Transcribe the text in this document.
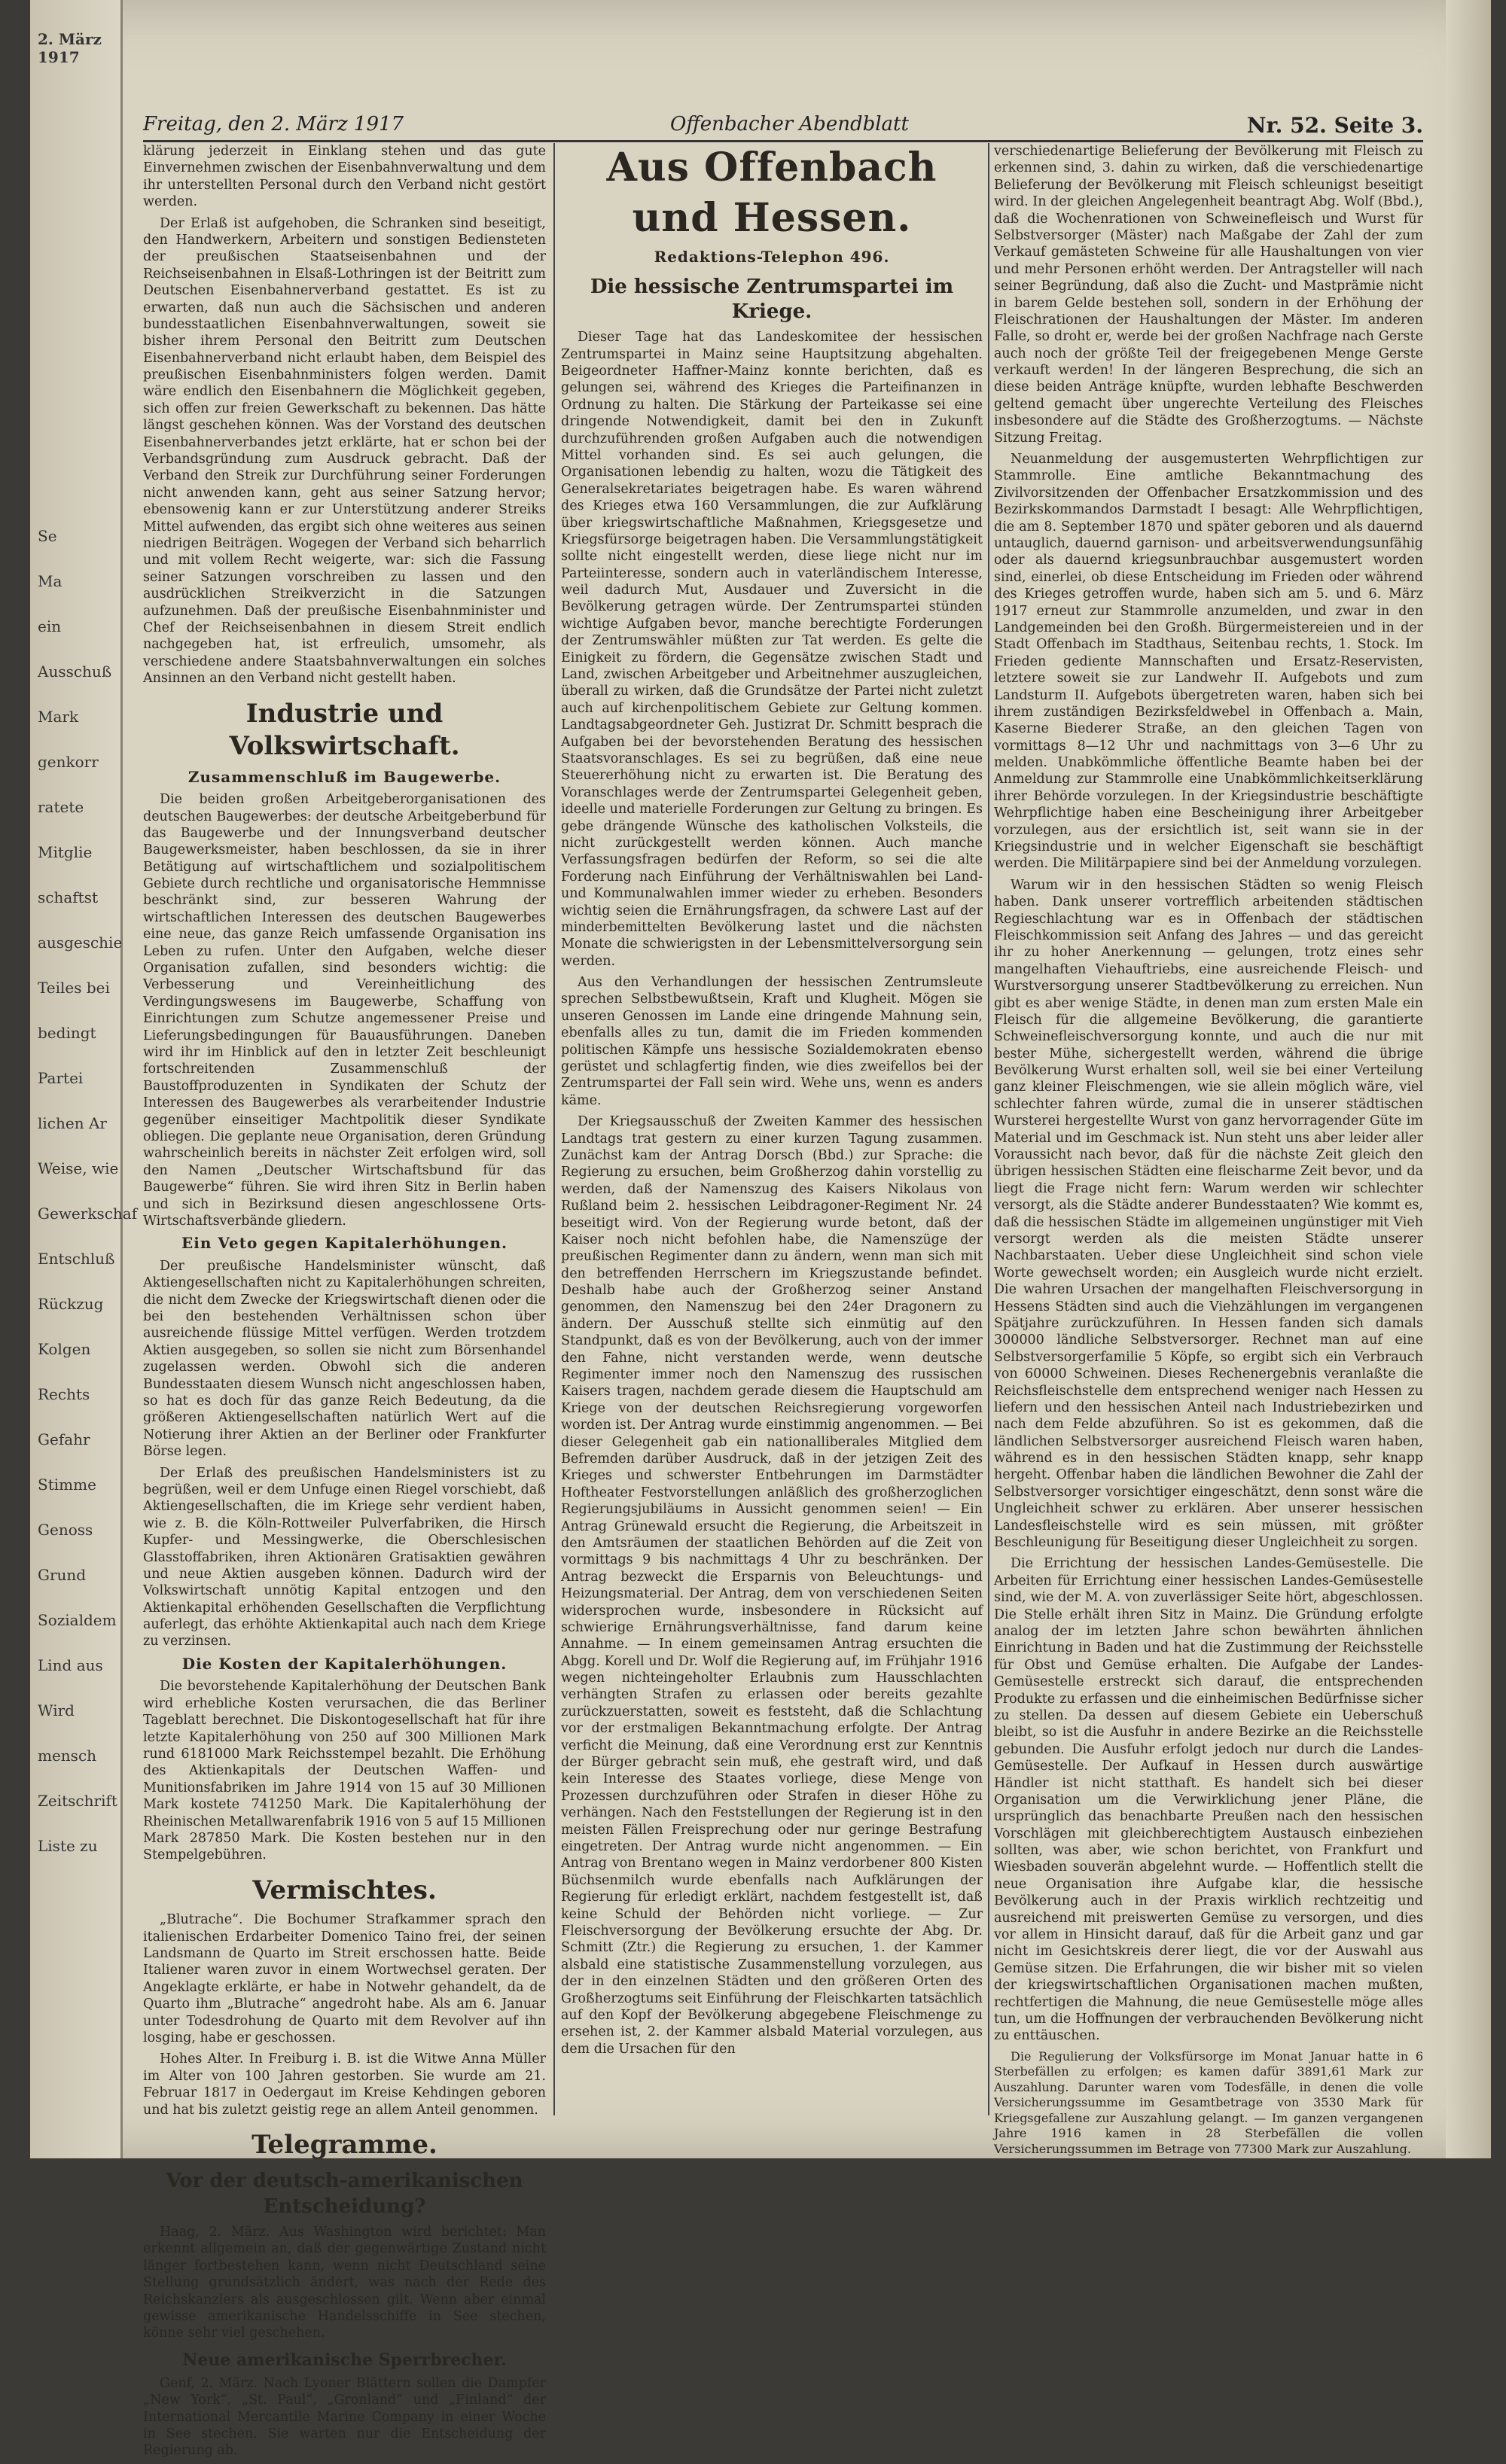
2. März 1917
Se
Ma
ein
Ausschuß
Mark
genkorr
ratete
Mitglie
schaftst
ausgeschie
Teiles bei
bedingt
Partei
lichen Ar
Weise, wie
Gewerkschaf
Entschluß
Rückzug
Kolgen
Rechts
Gefahr
Stimme
Genoss
Grund
Sozialdem
Lind aus
Wird
mensch
Zeitschrift
Liste zu
Freitag, den 2. März 1917	Offenbacher Abendblatt	Nr. 52. Seite 3.

klärung jederzeit in Einklang stehen und das gute Einvernehmen zwischen der Eisenbahnverwaltung und dem ihr unterstellten Personal durch den Verband nicht gestört werden.

Der Erlaß ist aufgehoben, die Schranken sind beseitigt, den Handwerkern, Arbeitern und sonstigen Bediensteten der preußischen Staatseisenbahnen und der Reichseisenbahnen in Elsaß-Lothringen ist der Beitritt zum Deutschen Eisenbahnerverband gestattet. Es ist zu erwarten, daß nun auch die Sächsischen und anderen bundesstaatlichen Eisenbahnverwaltungen, soweit sie bisher ihrem Personal den Beitritt zum Deutschen Eisenbahnerverband nicht erlaubt haben, dem Beispiel des preußischen Eisenbahnministers folgen werden. Damit wäre endlich den Eisenbahnern die Möglichkeit gegeben, sich offen zur freien Gewerkschaft zu bekennen. Das hätte längst geschehen können. Was der Vorstand des deutschen Eisenbahnerverbandes jetzt erklärte, hat er schon bei der Verbandsgründung zum Ausdruck gebracht. Daß der Verband den Streik zur Durchführung seiner Forderungen nicht anwenden kann, geht aus seiner Satzung hervor; ebensowenig kann er zur Unterstützung anderer Streiks Mittel aufwenden, das ergibt sich ohne weiteres aus seinen niedrigen Beiträgen. Wogegen der Verband sich beharrlich und mit vollem Recht weigerte, war: sich die Fassung seiner Satzungen vorschreiben zu lassen und den ausdrücklichen Streikverzicht in die Satzungen aufzunehmen. Daß der preußische Eisenbahnminister und Chef der Reichseisenbahnen in diesem Streit endlich nachgegeben hat, ist erfreulich, umsomehr, als verschiedene andere Staatsbahnverwaltungen ein solches Ansinnen an den Verband nicht gestellt haben.

Industrie und Volkswirtschaft.
Zusammenschluß im Baugewerbe.

Die beiden großen Arbeitgeberorganisationen des deutschen Baugewerbes: der deutsche Arbeitgeberbund für das Baugewerbe und der Innungsverband deutscher Baugewerksmeister, haben beschlossen, da sie in ihrer Betätigung auf wirtschaftlichem und sozialpolitischem Gebiete durch rechtliche und organisatorische Hemmnisse beschränkt sind, zur besseren Wahrung der wirtschaftlichen Interessen des deutschen Baugewerbes eine neue, das ganze Reich umfassende Organisation ins Leben zu rufen. Unter den Aufgaben, welche dieser Organisation zufallen, sind besonders wichtig: die Verbesserung und Vereinheitlichung des Verdingungswesens im Baugewerbe, Schaffung von Einrichtungen zum Schutze angemessener Preise und Lieferungsbedingungen für Bauausführungen. Daneben wird ihr im Hinblick auf den in letzter Zeit beschleunigt fortschreitenden Zusammenschluß der Baustoffproduzenten in Syndikaten der Schutz der Interessen des Baugewerbes als verarbeitender Industrie gegenüber einseitiger Machtpolitik dieser Syndikate obliegen. Die geplante neue Organisation, deren Gründung wahrscheinlich bereits in nächster Zeit erfolgen wird, soll den Namen „Deutscher Wirtschaftsbund für das Baugewerbe“ führen. Sie wird ihren Sitz in Berlin haben und sich in Bezirksund diesen angeschlossene Orts-Wirtschaftsverbände gliedern.

Ein Veto gegen Kapitalerhöhungen.

Der preußische Handelsminister wünscht, daß Aktiengesellschaften nicht zu Kapitalerhöhungen schreiten, die nicht dem Zwecke der Kriegswirtschaft dienen oder die bei den bestehenden Verhältnissen schon über ausreichende flüssige Mittel verfügen. Werden trotzdem Aktien ausgegeben, so sollen sie nicht zum Börsenhandel zugelassen werden. Obwohl sich die anderen Bundesstaaten diesem Wunsch nicht angeschlossen haben, so hat es doch für das ganze Reich Bedeutung, da die größeren Aktiengesellschaften natürlich Wert auf die Notierung ihrer Aktien an der Berliner oder Frankfurter Börse legen.

Der Erlaß des preußischen Handelsministers ist zu begrüßen, weil er dem Unfuge einen Riegel vorschiebt, daß Aktiengesellschaften, die im Kriege sehr verdient haben, wie z. B. die Köln-Rottweiler Pulverfabriken, die Hirsch Kupfer- und Messingwerke, die Oberschlesischen Glasstoffabriken, ihren Aktionären Gratisaktien gewähren und neue Aktien ausgeben können. Dadurch wird der Volkswirtschaft unnötig Kapital entzogen und den Aktienkapital erhöhenden Gesellschaften die Verpflichtung auferlegt, das erhöhte Aktienkapital auch nach dem Kriege zu verzinsen.

Die Kosten der Kapitalerhöhungen.

Die bevorstehende Kapitalerhöhung der Deutschen Bank wird erhebliche Kosten verursachen, die das Berliner Tageblatt berechnet. Die Diskontogesellschaft hat für ihre letzte Kapitalerhöhung von 250 auf 300 Millionen Mark rund 6181000 Mark Reichsstempel bezahlt. Die Erhöhung des Aktienkapitals der Deutschen Waffen- und Munitionsfabriken im Jahre 1914 von 15 auf 30 Millionen Mark kostete 741250 Mark. Die Kapitalerhöhung der Rheinischen Metallwarenfabrik 1916 von 5 auf 15 Millionen Mark 287850 Mark. Die Kosten bestehen nur in den Stempelgebühren.

Vermischtes.

„Blutrache“. Die Bochumer Strafkammer sprach den italienischen Erdarbeiter Domenico Taino frei, der seinen Landsmann de Quarto im Streit erschossen hatte. Beide Italiener waren zuvor in einem Wortwechsel geraten. Der Angeklagte erklärte, er habe in Notwehr gehandelt, da de Quarto ihm „Blutrache“ angedroht habe. Als am 6. Januar unter Todesdrohung de Quarto mit dem Revolver auf ihn losging, habe er geschossen.

Hohes Alter. In Freiburg i. B. ist die Witwe Anna Müller im Alter von 100 Jahren gestorben. Sie wurde am 21. Februar 1817 in Oedergaut im Kreise Kehdingen geboren und hat bis zuletzt geistig rege an allem Anteil genommen.

Telegramme.
Vor der deutsch-amerikanischen Entscheidung?

Haag, 2. März. Aus Washington wird berichtet: Man erkennt allgemein an, daß der gegenwärtige Zustand nicht länger fortbestehen kann, wenn nicht Deutschland seine Stellung grundsätzlich ändert, was nach der Rede des Reichskanzlers als ausgeschlossen gilt. Wenn aber einmal gewisse amerikanische Handelsschiffe in See stechen, könne sehr viel geschehen.

Neue amerikanische Sperrbrecher.

Genf, 2. März. Nach Lyoner Blättern sollen die Dampfer „New York“, „St. Paul“, „Gronland“ und „Finland“ der International Mercantile Marine Company in einer Woche in See stechen. Sie warten nur die Entscheidung der Regierung ab.

Aus Offenbach und Hessen.
Redaktions-Telephon 496.
Die hessische Zentrumspartei im Kriege.

Dieser Tage hat das Landeskomitee der hessischen Zentrumspartei in Mainz seine Hauptsitzung abgehalten. Beigeordneter Haffner-Mainz konnte berichten, daß es gelungen sei, während des Krieges die Parteifinanzen in Ordnung zu halten. Die Stärkung der Parteikasse sei eine dringende Notwendigkeit, damit bei den in Zukunft durchzuführenden großen Aufgaben auch die notwendigen Mittel vorhanden sind. Es sei auch gelungen, die Organisationen lebendig zu halten, wozu die Tätigkeit des Generalsekretariates beigetragen habe. Es waren während des Krieges etwa 160 Versammlungen, die zur Aufklärung über kriegswirtschaftliche Maßnahmen, Kriegsgesetze und Kriegsfürsorge beigetragen haben. Die Versammlungstätigkeit sollte nicht eingestellt werden, diese liege nicht nur im Parteiinteresse, sondern auch in vaterländischem Interesse, weil dadurch Mut, Ausdauer und Zuversicht in die Bevölkerung getragen würde. Der Zentrumspartei stünden wichtige Aufgaben bevor, manche berechtigte Forderungen der Zentrumswähler müßten zur Tat werden. Es gelte die Einigkeit zu fördern, die Gegensätze zwischen Stadt und Land, zwischen Arbeitgeber und Arbeitnehmer auszugleichen, überall zu wirken, daß die Grundsätze der Partei nicht zuletzt auch auf kirchenpolitischem Gebiete zur Geltung kommen. Landtagsabgeordneter Geh. Justizrat Dr. Schmitt besprach die Aufgaben bei der bevorstehenden Beratung des hessischen Staatsvoranschlages. Es sei zu begrüßen, daß eine neue Steuererhöhung nicht zu erwarten ist. Die Beratung des Voranschlages werde der Zentrumspartei Gelegenheit geben, ideelle und materielle Forderungen zur Geltung zu bringen. Es gebe drängende Wünsche des katholischen Volksteils, die nicht zurückgestellt werden können. Auch manche Verfassungsfragen bedürfen der Reform, so sei die alte Forderung nach Einführung der Verhältniswahlen bei Land- und Kommunalwahlen immer wieder zu erheben. Besonders wichtig seien die Ernährungsfragen, da schwere Last auf der minderbemittelten Bevölkerung lastet und die nächsten Monate die schwierigsten in der Lebensmittelversorgung sein werden.

Aus den Verhandlungen der hessischen Zentrumsleute sprechen Selbstbewußtsein, Kraft und Klugheit. Mögen sie unseren Genossen im Lande eine dringende Mahnung sein, ebenfalls alles zu tun, damit die im Frieden kommenden politischen Kämpfe uns hessische Sozialdemokraten ebenso gerüstet und schlagfertig finden, wie dies zweifellos bei der Zentrumspartei der Fall sein wird. Wehe uns, wenn es anders käme.

Der Kriegsausschuß der Zweiten Kammer des hessischen Landtags trat gestern zu einer kurzen Tagung zusammen. Zunächst kam der Antrag Dorsch (Bbd.) zur Sprache: die Regierung zu ersuchen, beim Großherzog dahin vorstellig zu werden, daß der Namenszug des Kaisers Nikolaus von Rußland beim 2. hessischen Leibdragoner-Regiment Nr. 24 beseitigt wird. Von der Regierung wurde betont, daß der Kaiser noch nicht befohlen habe, die Namenszüge der preußischen Regimenter dann zu ändern, wenn man sich mit den betreffenden Herrschern im Kriegszustande befindet. Deshalb habe auch der Großherzog seiner Anstand genommen, den Namenszug bei den 24er Dragonern zu ändern. Der Ausschuß stellte sich einmütig auf den Standpunkt, daß es von der Bevölkerung, auch von der immer den Fahne, nicht verstanden werde, wenn deutsche Regimenter immer noch den Namenszug des russischen Kaisers tragen, nachdem gerade diesem die Hauptschuld am Kriege von der deutschen Reichsregierung vorgeworfen worden ist. Der Antrag wurde einstimmig angenommen. — Bei dieser Gelegenheit gab ein nationalliberales Mitglied dem Befremden darüber Ausdruck, daß in der jetzigen Zeit des Krieges und schwerster Entbehrungen im Darmstädter Hoftheater Festvorstellungen anläßlich des großherzoglichen Regierungsjubiläums in Aussicht genommen seien! — Ein Antrag Grünewald ersucht die Regierung, die Arbeitszeit in den Amtsräumen der staatlichen Behörden auf die Zeit von vormittags 9 bis nachmittags 4 Uhr zu beschränken. Der Antrag bezweckt die Ersparnis von Beleuchtungs- und Heizungsmaterial. Der Antrag, dem von verschiedenen Seiten widersprochen wurde, insbesondere in Rücksicht auf schwierige Ernährungsverhältnisse, fand darum keine Annahme. — In einem gemeinsamen Antrag ersuchten die Abgg. Korell und Dr. Wolf die Regierung auf, im Frühjahr 1916 wegen nichteingeholter Erlaubnis zum Hausschlachten verhängten Strafen zu erlassen oder bereits gezahlte zurückzuerstatten, soweit es feststeht, daß die Schlachtung vor der erstmaligen Bekanntmachung erfolgte. Der Antrag verficht die Meinung, daß eine Verordnung erst zur Kenntnis der Bürger gebracht sein muß, ehe gestraft wird, und daß kein Interesse des Staates vorliege, diese Menge von Prozessen durchzuführen oder Strafen in dieser Höhe zu verhängen. Nach den Feststellungen der Regierung ist in den meisten Fällen Freisprechung oder nur geringe Bestrafung eingetreten. Der Antrag wurde nicht angenommen. — Ein Antrag von Brentano wegen in Mainz verdorbener 800 Kisten Büchsenmilch wurde ebenfalls nach Aufklärungen der Regierung für erledigt erklärt, nachdem festgestellt ist, daß keine Schuld der Behörden nicht vorliege. — Zur Fleischversorgung der Bevölkerung ersuchte der Abg. Dr. Schmitt (Ztr.) die Regierung zu ersuchen, 1. der Kammer alsbald eine statistische Zusammenstellung vorzulegen, aus der in den einzelnen Städten und den größeren Orten des Großherzogtums seit Einführung der Fleischkarten tatsächlich auf den Kopf der Bevölkerung abgegebene Fleischmenge zu ersehen ist, 2. der Kammer alsbald Material vorzulegen, aus dem die Ursachen für den

verschiedenartige Belieferung der Bevölkerung mit Fleisch zu erkennen sind, 3. dahin zu wirken, daß die verschiedenartige Belieferung der Bevölkerung mit Fleisch schleunigst beseitigt wird. In der gleichen Angelegenheit beantragt Abg. Wolf (Bbd.), daß die Wochenrationen von Schweinefleisch und Wurst für Selbstversorger (Mäster) nach Maßgabe der Zahl der zum Verkauf gemästeten Schweine für alle Haushaltungen von vier und mehr Personen erhöht werden. Der Antragsteller will nach seiner Begründung, daß also die Zucht- und Mastprämie nicht in barem Gelde bestehen soll, sondern in der Erhöhung der Fleischrationen der Haushaltungen der Mäster. Im anderen Falle, so droht er, werde bei der großen Nachfrage nach Gerste auch noch der größte Teil der freigegebenen Menge Gerste verkauft werden! In der längeren Besprechung, die sich an diese beiden Anträge knüpfte, wurden lebhafte Beschwerden geltend gemacht über ungerechte Verteilung des Fleisches insbesondere auf die Städte des Großherzogtums. — Nächste Sitzung Freitag.

Neuanmeldung der ausgemusterten Wehrpflichtigen zur Stammrolle. Eine amtliche Bekanntmachung des Zivilvorsitzenden der Offenbacher Ersatzkommission und des Bezirkskommandos Darmstadt I besagt: Alle Wehrpflichtigen, die am 8. September 1870 und später geboren und als dauernd untauglich, dauernd garnison- und arbeitsverwendungsunfähig oder als dauernd kriegsunbrauchbar ausgemustert worden sind, einerlei, ob diese Entscheidung im Frieden oder während des Krieges getroffen wurde, haben sich am 5. und 6. März 1917 erneut zur Stammrolle anzumelden, und zwar in den Landgemeinden bei den Großh. Bürgermeistereien und in der Stadt Offenbach im Stadthaus, Seitenbau rechts, 1. Stock. Im Frieden gediente Mannschaften und Ersatz-Reservisten, letztere soweit sie zur Landwehr II. Aufgebots und zum Landsturm II. Aufgebots übergetreten waren, haben sich bei ihrem zuständigen Bezirksfeldwebel in Offenbach a. Main, Kaserne Biederer Straße, an den gleichen Tagen von vormittags 8—12 Uhr und nachmittags von 3—6 Uhr zu melden. Unabkömmliche öffentliche Beamte haben bei der Anmeldung zur Stammrolle eine Unabkömmlichkeitserklärung ihrer Behörde vorzulegen. In der Kriegsindustrie beschäftigte Wehrpflichtige haben eine Bescheinigung ihrer Arbeitgeber vorzulegen, aus der ersichtlich ist, seit wann sie in der Kriegsindustrie und in welcher Eigenschaft sie beschäftigt werden. Die Militärpapiere sind bei der Anmeldung vorzulegen.

Warum wir in den hessischen Städten so wenig Fleisch haben. Dank unserer vortrefflich arbeitenden städtischen Regieschlachtung war es in Offenbach der städtischen Fleischkommission seit Anfang des Jahres — und das gereicht ihr zu hoher Anerkennung — gelungen, trotz eines sehr mangelhaften Viehauftriebs, eine ausreichende Fleisch- und Wurstversorgung unserer Stadtbevölkerung zu erreichen. Nun gibt es aber wenige Städte, in denen man zum ersten Male ein Fleisch für die allgemeine Bevölkerung, die garantierte Schweinefleischversorgung konnte, und auch die nur mit bester Mühe, sichergestellt werden, während die übrige Bevölkerung Wurst erhalten soll, weil sie bei einer Verteilung ganz kleiner Fleischmengen, wie sie allein möglich wäre, viel schlechter fahren würde, zumal die in unserer städtischen Wursterei hergestellte Wurst von ganz hervorragender Güte im Material und im Geschmack ist. Nun steht uns aber leider aller Voraussicht nach bevor, daß für die nächste Zeit gleich den übrigen hessischen Städten eine fleischarme Zeit bevor, und da liegt die Frage nicht fern: Warum werden wir schlechter versorgt, als die Städte anderer Bundesstaaten? Wie kommt es, daß die hessischen Städte im allgemeinen ungünstiger mit Vieh versorgt werden als die meisten Städte unserer Nachbarstaaten. Ueber diese Ungleichheit sind schon viele Worte gewechselt worden; ein Ausgleich wurde nicht erzielt. Die wahren Ursachen der mangelhaften Fleischversorgung in Hessens Städten sind auch die Viehzählungen im vergangenen Spätjahre zurückzuführen. In Hessen fanden sich damals 300000 ländliche Selbstversorger. Rechnet man auf eine Selbstversorgerfamilie 5 Köpfe, so ergibt sich ein Verbrauch von 60000 Schweinen. Dieses Rechenergebnis veranlaßte die Reichsfleischstelle dem entsprechend weniger nach Hessen zu liefern und den hessischen Anteil nach Industriebezirken und nach dem Felde abzuführen. So ist es gekommen, daß die ländlichen Selbstversorger ausreichend Fleisch waren haben, während es in den hessischen Städten knapp, sehr knapp hergeht. Offenbar haben die ländlichen Bewohner die Zahl der Selbstversorger vorsichtiger eingeschätzt, denn sonst wäre die Ungleichheit schwer zu erklären. Aber unserer hessischen Landesfleischstelle wird es sein müssen, mit größter Beschleunigung für Beseitigung dieser Ungleichheit zu sorgen.

Die Errichtung der hessischen Landes-Gemüsestelle. Die Arbeiten für Errichtung einer hessischen Landes-Gemüsestelle sind, wie der M. A. von zuverlässiger Seite hört, abgeschlossen. Die Stelle erhält ihren Sitz in Mainz. Die Gründung erfolgte analog der im letzten Jahre schon bewährten ähnlichen Einrichtung in Baden und hat die Zustimmung der Reichsstelle für Obst und Gemüse erhalten. Die Aufgabe der Landes-Gemüsestelle erstreckt sich darauf, die entsprechenden Produkte zu erfassen und die einheimischen Bedürfnisse sicher zu stellen. Da dessen auf diesem Gebiete ein Ueberschuß bleibt, so ist die Ausfuhr in andere Bezirke an die Reichsstelle gebunden. Die Ausfuhr erfolgt jedoch nur durch die Landes-Gemüsestelle. Der Aufkauf in Hessen durch auswärtige Händler ist nicht statthaft. Es handelt sich bei dieser Organisation um die Verwirklichung jener Pläne, die ursprünglich das benachbarte Preußen nach den hessischen Vorschlägen mit gleichberechtigtem Austausch einbeziehen sollten, was aber, wie schon berichtet, von Frankfurt und Wiesbaden souverän abgelehnt wurde. — Hoffentlich stellt die neue Organisation ihre Aufgabe klar, die hessische Bevölkerung auch in der Praxis wirklich rechtzeitig und ausreichend mit preiswerten Gemüse zu versorgen, und dies vor allem in Hinsicht darauf, daß für die Arbeit ganz und gar nicht im Gesichtskreis derer liegt, die vor der Auswahl aus Gemüse sitzen. Die Erfahrungen, die wir bisher mit so vielen der kriegswirtschaftlichen Organisationen machen mußten, rechtfertigen die Mahnung, die neue Gemüsestelle möge alles tun, um die Hoffnungen der verbrauchenden Bevölkerung nicht zu enttäuschen.

Die Regulierung der Volksfürsorge im Monat Januar hatte in 6 Sterbefällen zu erfolgen; es kamen dafür 3891,61 Mark zur Auszahlung. Darunter waren vom Todesfälle, in denen die volle Versicherungssumme im Gesamtbetrage von 3530 Mark für Kriegsgefallene zur Auszahlung gelangt. — Im ganzen vergangenen Jahre 1916 kamen in 28 Sterbefällen die vollen Versicherungssummen im Betrage von 77300 Mark zur Auszahlung.
